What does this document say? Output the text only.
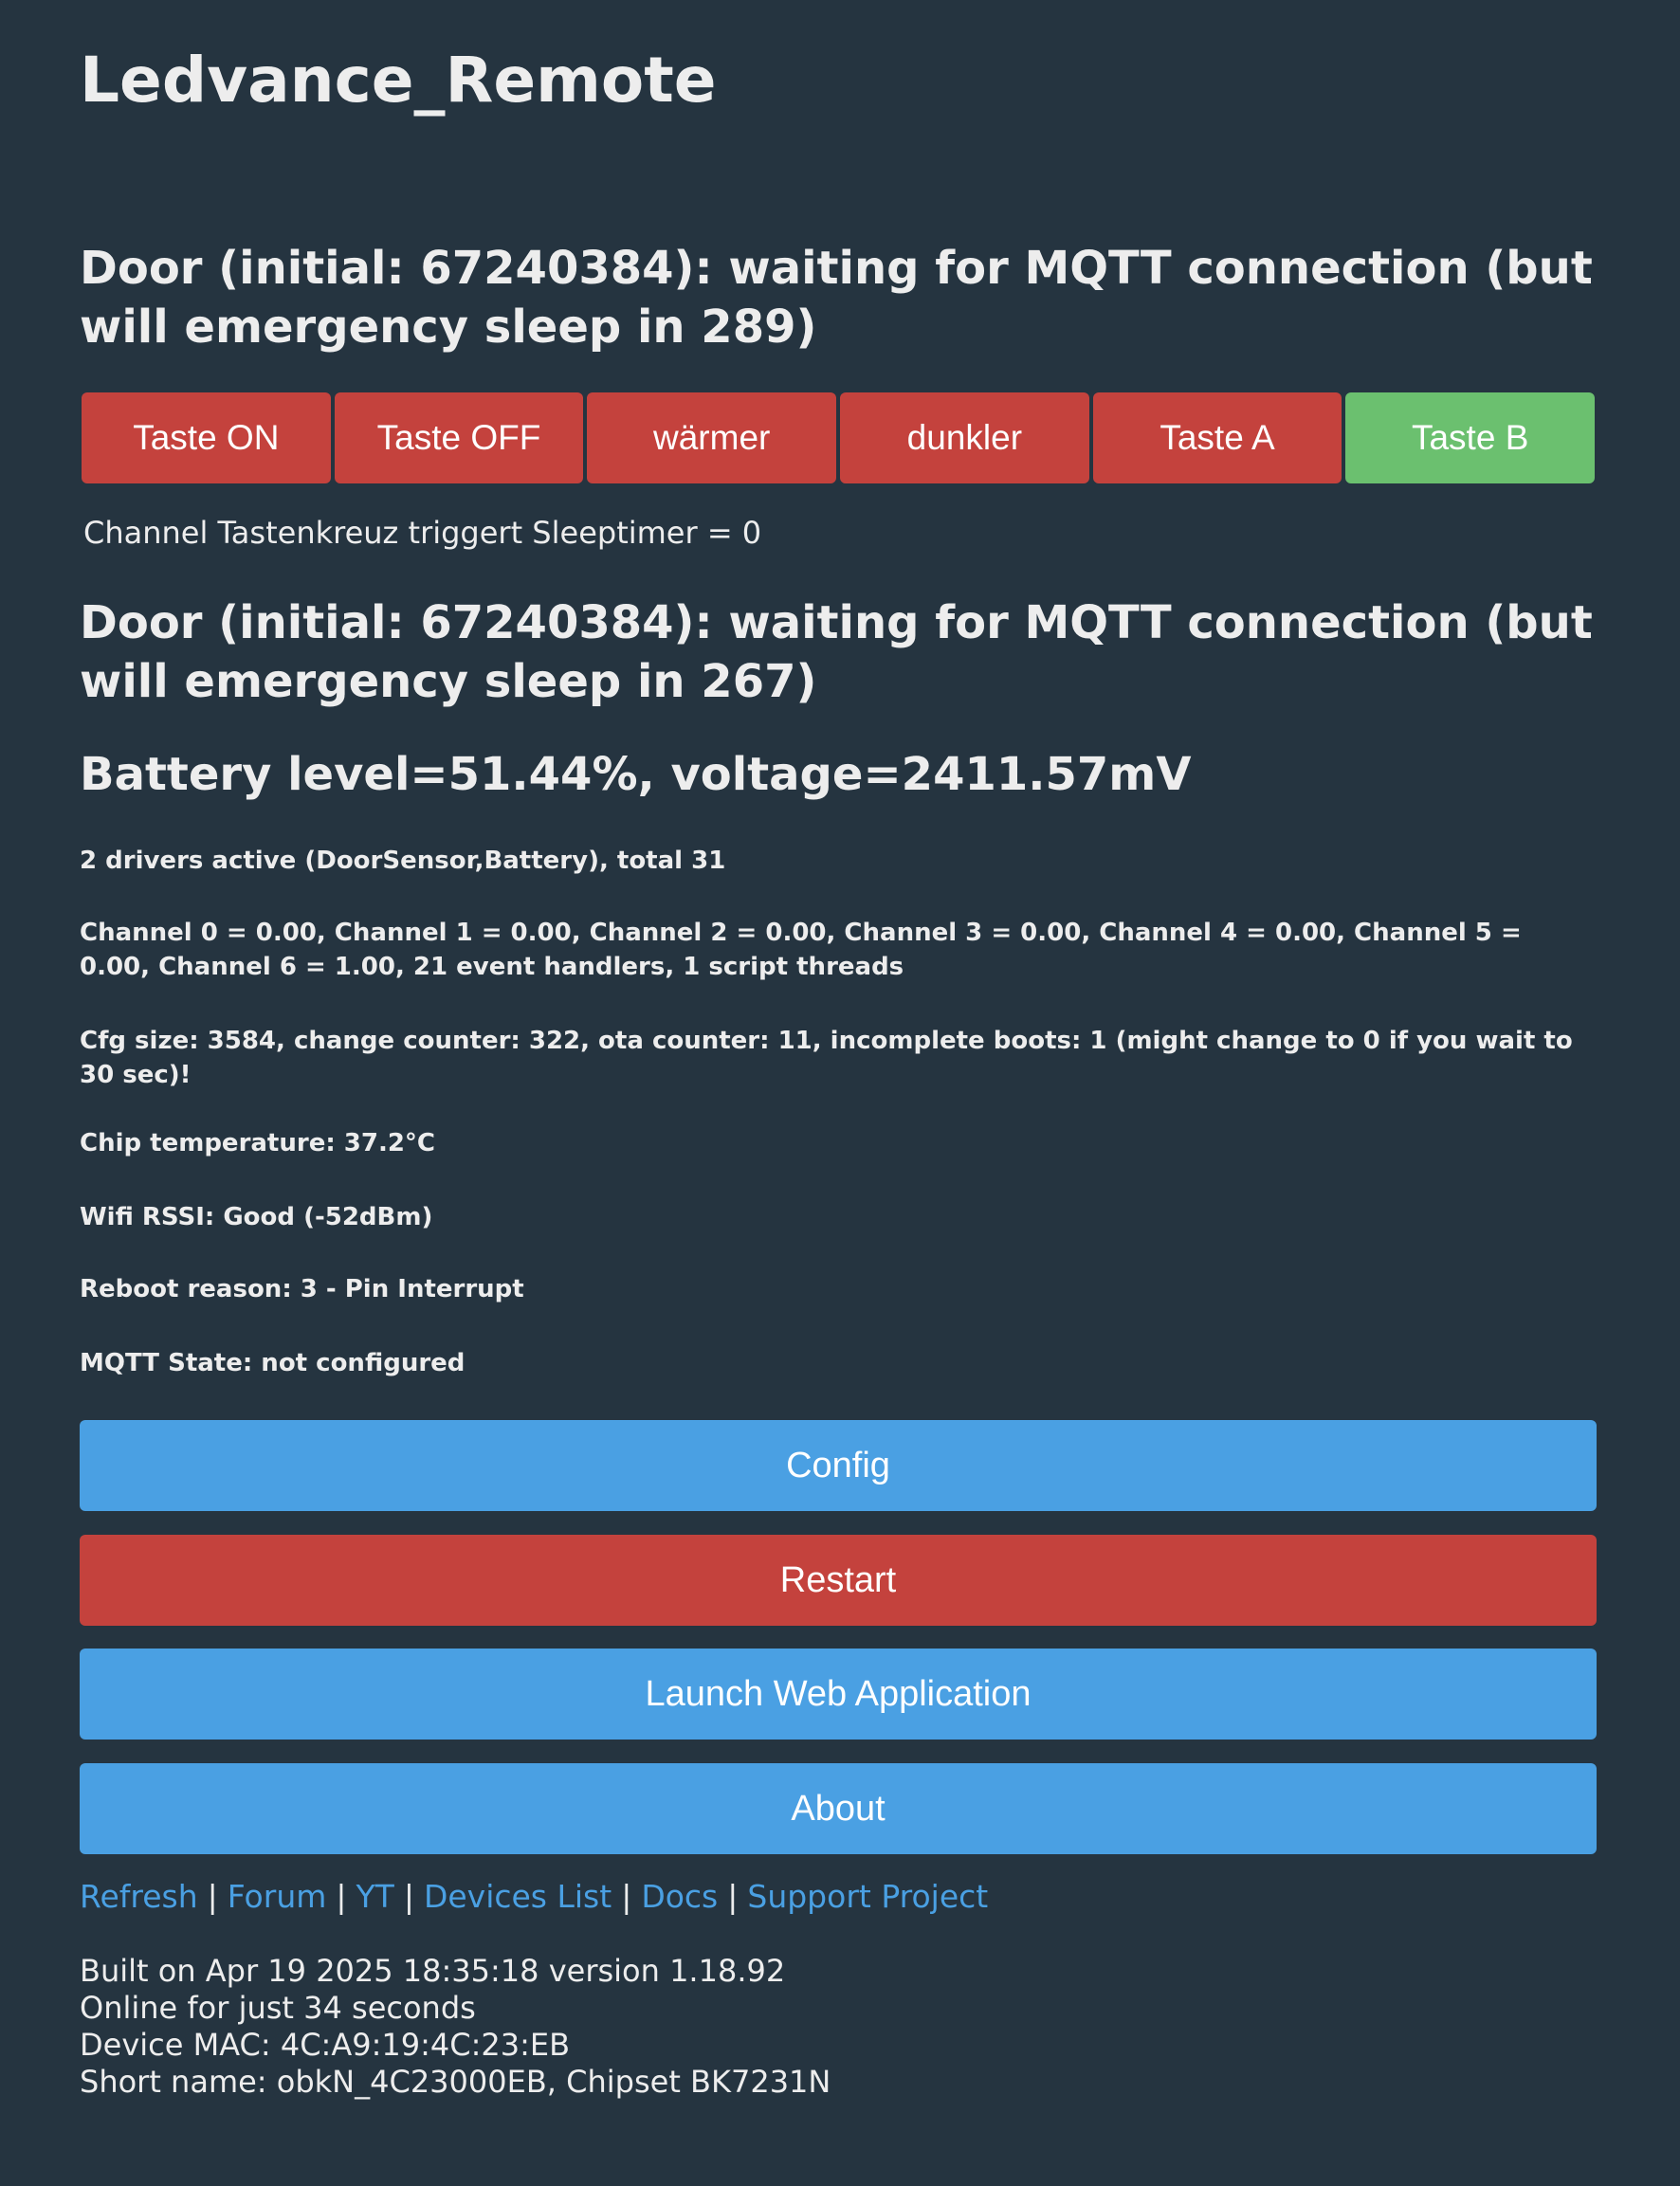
Ledvance_Remote
Door (initial: 67240384): waiting for MQTT connection (but will emergency sleep in 289)
Taste ON	Taste OFF	wärmer	dunkler	Taste A	Taste B
Channel Tastenkreuz triggert Sleeptimer = 0
Door (initial: 67240384): waiting for MQTT connection (but will emergency sleep in 267)
Battery level=51.44%, voltage=2411.57mV

2 drivers active (DoorSensor,Battery), total 31

Channel 0 = 0.00, Channel 1 = 0.00, Channel 2 = 0.00, Channel 3 = 0.00, Channel 4 = 0.00, Channel 5 = 0.00, Channel 6 = 1.00, 21 event handlers, 1 script threads

Cfg size: 3584, change counter: 322, ota counter: 11, incomplete boots: 1 (might change to 0 if you wait to 30 sec)!

Chip temperature: 37.2°C

Wifi RSSI: Good (-52dBm)

Reboot reason: 3 - Pin Interrupt

MQTT State: not configured

Config
Restart
Launch Web Application
About
Refresh | Forum | YT | Devices List | Docs | Support Project
Built on Apr 19 2025 18:35:18 version 1.18.92
Online for just 34 seconds
Device MAC: 4C:A9:19:4C:23:EB
Short name: obkN_4C23000EB, Chipset BK7231N
